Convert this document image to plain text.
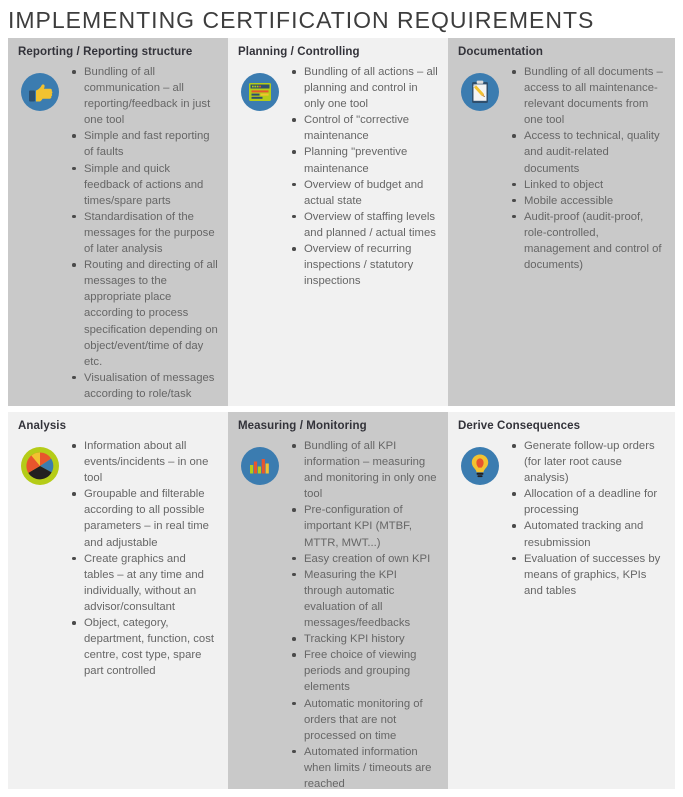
IMPLEMENTING CERTIFICATION REQUIREMENTS
Reporting / Reporting structure
Bundling of all communication – all reporting/feedback in just one tool
Simple and fast reporting of faults
Simple and quick feedback of actions and times/spare parts
Standardisation of the messages for the purpose of later analysis
Routing and directing of all messages to the appropriate place according to process specification depending on object/event/time of day etc.
Visualisation of messages according to role/task
Planning / Controlling
Bundling of all actions – all planning and control in only one tool
Control of "corrective maintenance
Planning "preventive maintenance
Overview of budget and actual state
Overview of staffing levels and planned / actual times
Overview of recurring inspections / statutory inspections
Documentation
Bundling of all documents – access to all maintenance-relevant documents from one tool
Access to technical, quality and audit-related documents
Linked to object
Mobile accessible
Audit-proof (audit-proof, role-controlled, management and control of documents)
Analysis
Information about all events/incidents – in one tool
Groupable and filterable according to all possible parameters – in real time and adjustable
Create graphics and tables – at any time and individually, without an advisor/consultant
Object, category, department, function, cost centre, cost type, spare part controlled
Measuring / Monitoring
Bundling of all KPI information – measuring and monitoring in only one tool
Pre-configuration of important KPI (MTBF, MTTR, MWT...)
Easy creation of own KPI
Measuring the KPI through automatic evaluation of all messages/feedbacks
Tracking KPI history
Free choice of viewing periods and grouping elements
Automatic monitoring of orders that are not processed on time
Automated information when limits / timeouts are reached
Derive Consequences
Generate follow-up orders (for later root cause analysis)
Allocation of a deadline for processing
Automated tracking and resubmission
Evaluation of successes by means of graphics, KPIs and tables
